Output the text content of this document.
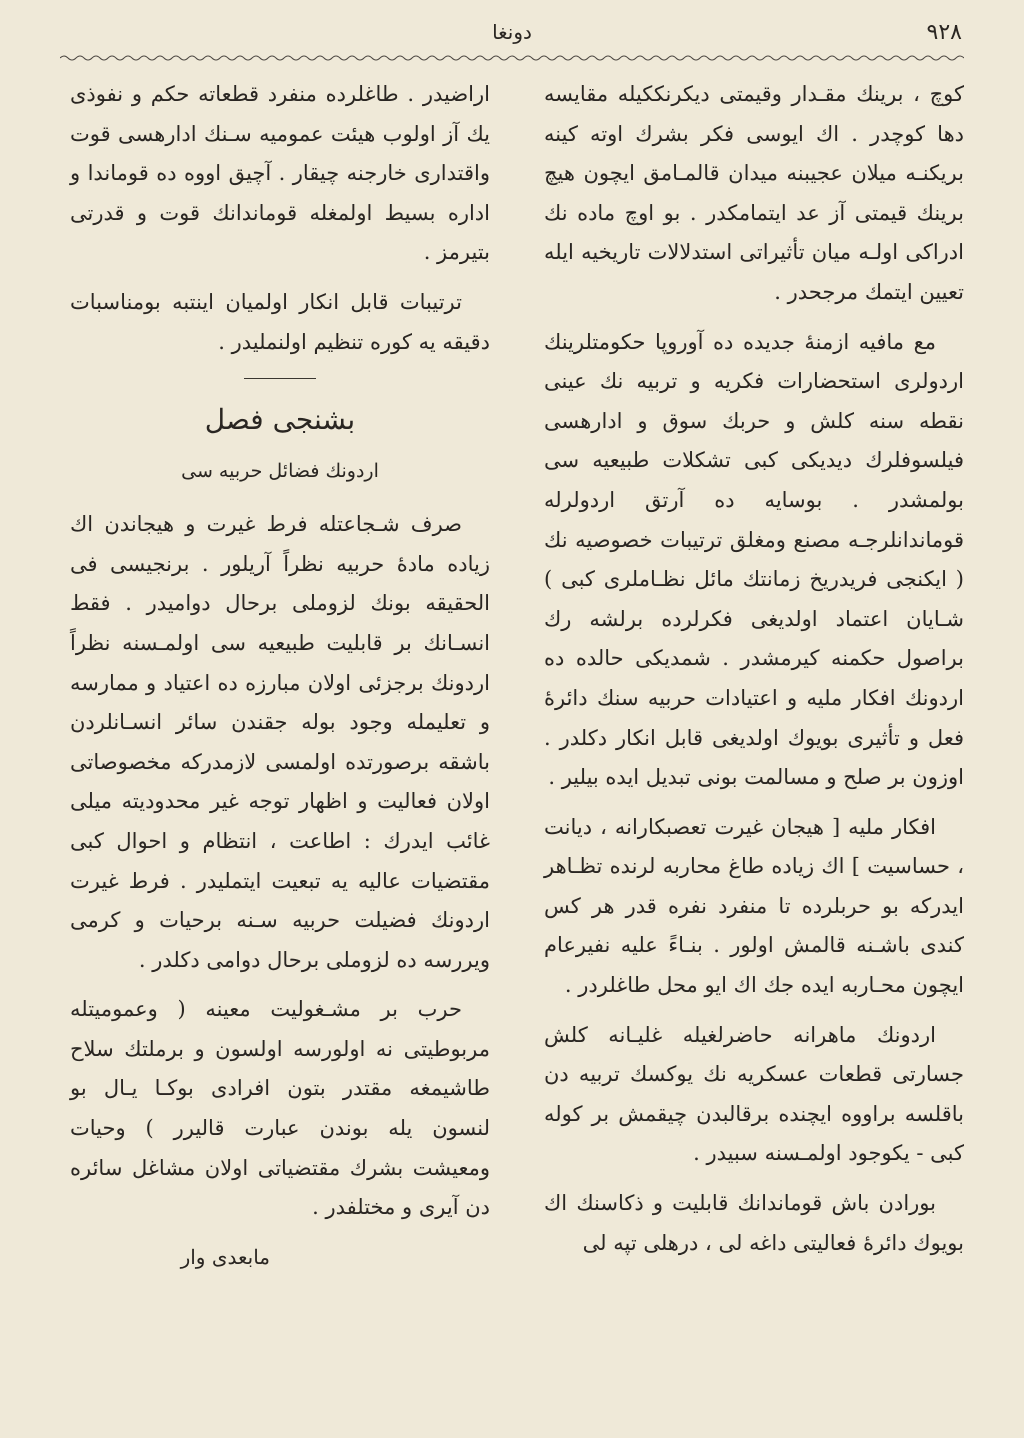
٩٢٨
دونغا

كوچ ، برينك مقـدار وقيمتى ديكرنككيله مقايسه دها كوچدر . اك ايوسى فكر بشرك اوته كينه بريكنـه ميلان عجيبنه ميدان قالمـامق ايچون هيچ برينك قيمتى آز عد ايتمامكدر . بو اوچ ماده نك ادراكى اولـه ميان تأثيراتى استدلالات تاريخيه ايله تعيين ايتمك مرجحدر .

مع مافيه ازمنهٔ جديده ده آوروپا حكومتلرينك اردولرى استحضارات فكريه و تربيه نك عينى نقطه سنه كلش و حربك سوق و ادارهسى فيلسوفلرك ديديكى كبى تشكلات طبيعيه سى بولمشدر . بوسايه ده آرتق اردولرله قوماندانلرجـه مصنع ومغلق ترتيبات خصوصيه نك ( ايكنجى فريدريخ زمانتك مائل نظـاملرى كبى ) شـايان اعتماد اولديغى فكرلرده برلشه رك براصول حكمنه كيرمشدر . شمديكى حالده ده اردونك افكار مليه و اعتيادات حربيه سنك دائرهٔ فعل و تأثيرى بويوك اولديغى قابل انكار دكلدر . اوزون بر صلح و مسالمت بونى تبديل ايده بيلير .

افكار مليه [ هيجان غيرت تعصبكارانه ، ديانت ، حساسيت ] اك زياده طاغ محاربه لرنده تظـاهر ايدركه بو حربلرده تا منفرد نفره قدر هر كس كندى باشـنه قالمش اولور . بنـاءً عليه نفيرعام ايچون محـاربه ايده جك اك ايو محل طاغلردر .

اردونك ماهرانه حاضرلغيله غليـانه كلش جسارتى قطعات عسكريه نك يوكسك تربيه دن باقلسه براووه ايچنده برقالبدن چيقمش بر كوله كبى - يكوجود اولمـسنه سبيدر .

بورادن باش قوماندانك قابليت و ذكاسنك اك بويوك دائرهٔ فعاليتى داغه لى ، درهلى تپه لى

اراضيدر . طاغلرده منفرد قطعاته حكم و نفوذى يك آز اولوب هيئت عموميه سـنك ادارهسى قوت واقتدارى خارجنه چيقار . آچيق اووه ده قوماندا و اداره بسيط اولمغله قوماندانك قوت و قدرتى بتيرمز .

ترتيبات قابل انكار اولميان اينتبه بومناسبات دقيقه يه كوره تنظيم اولنمليدر .

بشنجى فصل
اردونك فضائل حربيه سى

صرف شـجاعتله فرط غيرت و هيجاندن اك زياده مادهٔ حربيه نظراً آريلور . برنجيسى فى الحقيقه بونك لزوملى برحال دواميدر . فقط انسـانك بر قابليت طبيعيه سى اولمـسنه نظراً اردونك برجزئى اولان مبارزه ده اعتياد و ممارسه و تعليمله وجود بوله جقندن سائر انسـانلردن باشقه برصورتده اولمسى لازمدركه مخصوصاتى اولان فعاليت و اظهار توجه غير محدوديته ميلى غائب ايدرك : اطاعت ، انتظام و احوال كبى مقتضيات عاليه يه تبعيت ايتمليدر . فرط غيرت اردونك فضيلت حربيه سـنه برحيات و كرمى ويررسه ده لزوملى برحال دوامى دكلدر .

حرب بر مشـغوليت معينه ( وعموميتله مربوطيتى نه اولورسه اولسون و برملتك سلاح طاشيمغه مقتدر بتون افرادى بوكـا يـال بو لنسون يله بوندن عبارت قاليرر ) وحيات ومعيشت بشرك مقتضياتى اولان مشاغل سائره دن آيرى و مختلفدر .

مابعدى وار
